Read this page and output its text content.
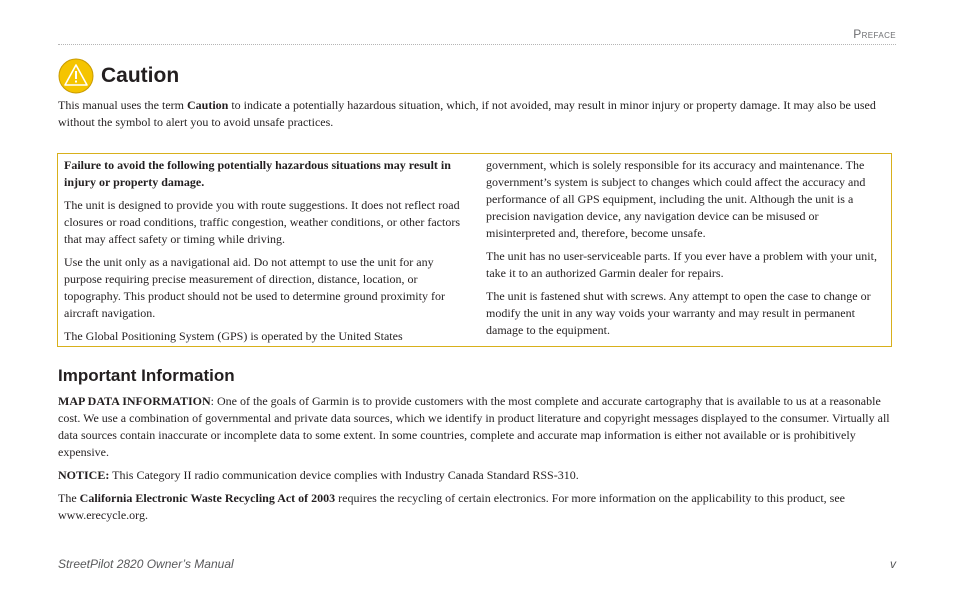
Preface
Caution
This manual uses the term Caution to indicate a potentially hazardous situation, which, if not avoided, may result in minor injury or property damage. It may also be used without the symbol to alert you to avoid unsafe practices.

Failure to avoid the following potentially hazardous situations may result in injury or property damage.

The unit is designed to provide you with route suggestions. It does not reflect road closures or road conditions, traffic congestion, weather conditions, or other factors that may affect safety or timing while driving.

Use the unit only as a navigational aid. Do not attempt to use the unit for any purpose requiring precise measurement of direction, distance, location, or topography. This product should not be used to determine ground proximity for aircraft navigation.

The Global Positioning System (GPS) is operated by the United States

government, which is solely responsible for its accuracy and maintenance. The government’s system is subject to changes which could affect the accuracy and performance of all GPS equipment, including the unit. Although the unit is a precision navigation device, any navigation device can be misused or misinterpreted and, therefore, become unsafe.

The unit has no user-serviceable parts. If you ever have a problem with your unit, take it to an authorized Garmin dealer for repairs.

The unit is fastened shut with screws. Any attempt to open the case to change or modify the unit in any way voids your warranty and may result in permanent damage to the equipment.

Important Information

MAP DATA INFORMATION: One of the goals of Garmin is to provide customers with the most complete and accurate cartography that is available to us at a reasonable cost. We use a combination of governmental and private data sources, which we identify in product literature and copyright messages displayed to the consumer. Virtually all data sources contain inaccurate or incomplete data to some extent. In some countries, complete and accurate map information is either not available or is prohibitively expensive.

NOTICE: This Category II radio communication device complies with Industry Canada Standard RSS-310.

The California Electronic Waste Recycling Act of 2003 requires the recycling of certain electronics. For more information on the applicability to this product, see www.erecycle.org.

StreetPilot 2820 Owner’s Manual	v
